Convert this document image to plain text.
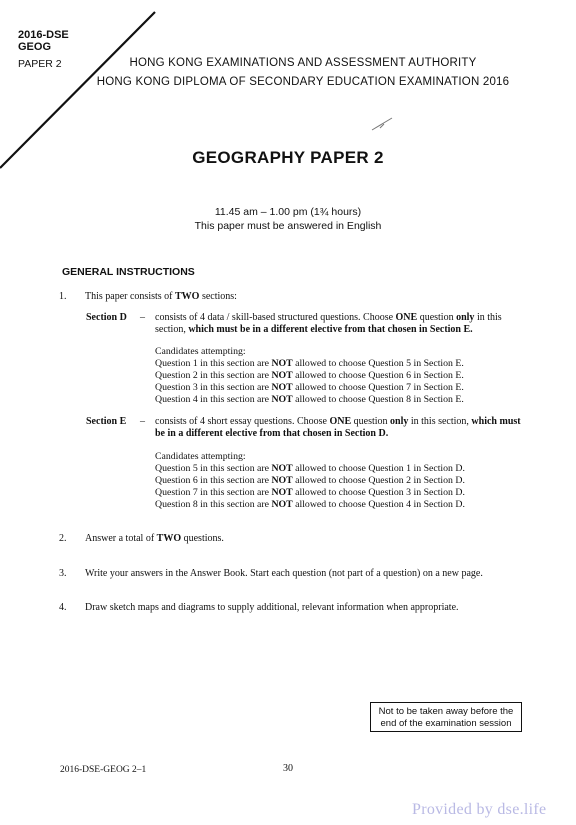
2016-DSE
GEOG
PAPER 2	HONG KONG EXAMINATIONS AND ASSESSMENT AUTHORITY
HONG KONG DIPLOMA OF SECONDARY EDUCATION EXAMINATION 2016
GEOGRAPHY PAPER 2
11.45 am – 1.00 pm (1¾ hours)
This paper must be answered in English
GENERAL INSTRUCTIONS
1. This paper consists of TWO sections:
Section D – consists of 4 data / skill-based structured questions. Choose ONE question only in this section, which must be in a different elective from that chosen in Section E.
Candidates attempting:
Question 1 in this section are NOT allowed to choose Question 5 in Section E.
Question 2 in this section are NOT allowed to choose Question 6 in Section E.
Question 3 in this section are NOT allowed to choose Question 7 in Section E.
Question 4 in this section are NOT allowed to choose Question 8 in Section E.
Section E – consists of 4 short essay questions. Choose ONE question only in this section, which must be in a different elective from that chosen in Section D.
Candidates attempting:
Question 5 in this section are NOT allowed to choose Question 1 in Section D.
Question 6 in this section are NOT allowed to choose Question 2 in Section D.
Question 7 in this section are NOT allowed to choose Question 3 in Section D.
Question 8 in this section are NOT allowed to choose Question 4 in Section D.
2. Answer a total of TWO questions.
3. Write your answers in the Answer Book. Start each question (not part of a question) on a new page.
4. Draw sketch maps and diagrams to supply additional, relevant information when appropriate.
Not to be taken away before the
end of the examination session
2016-DSE-GEOG 2–1	30
Provided by dse.life
